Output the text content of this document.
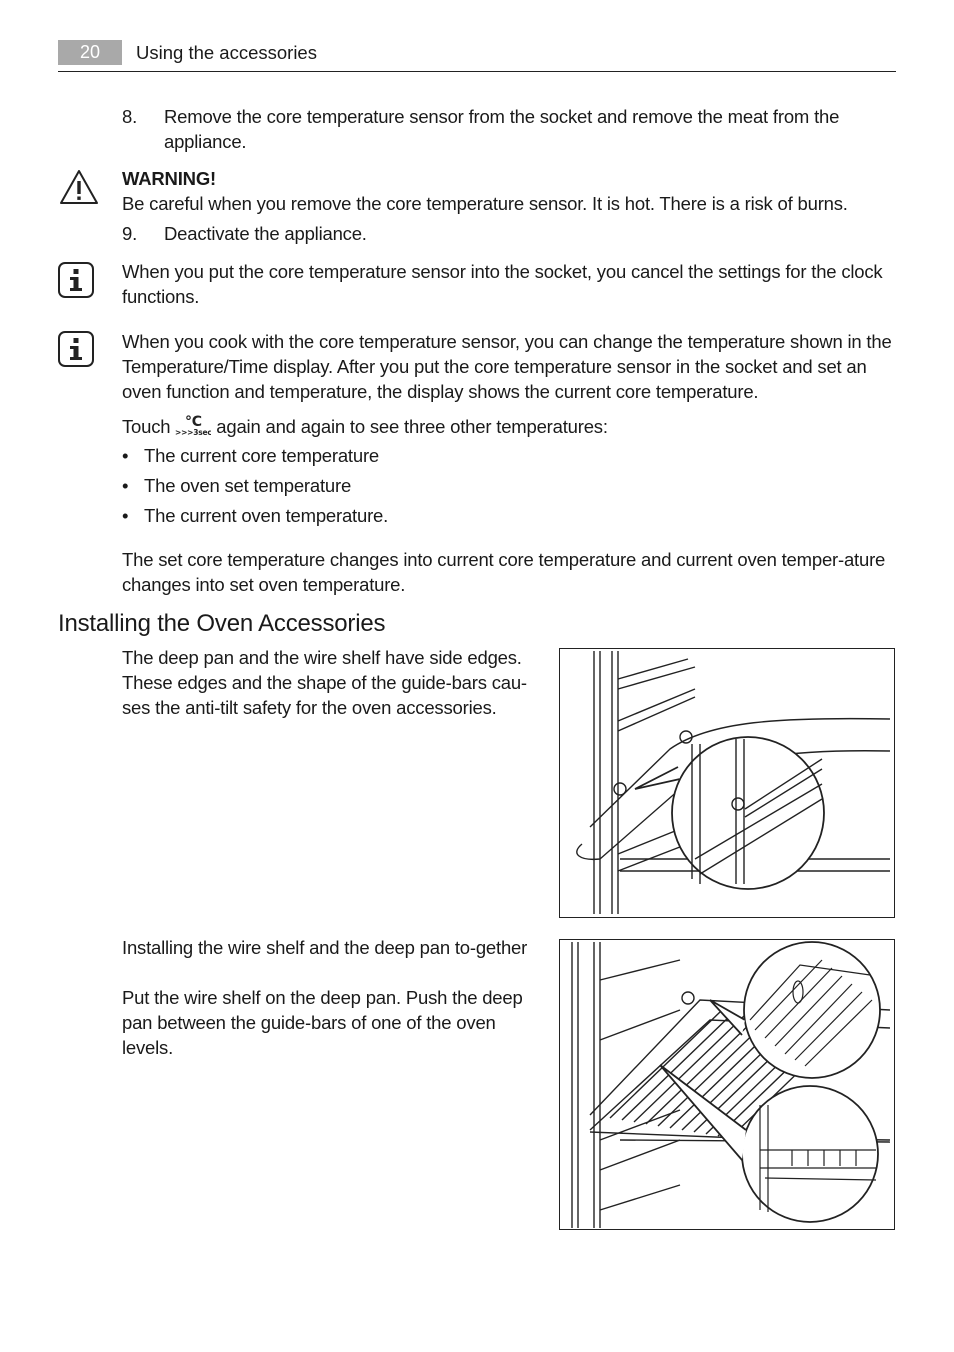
20	Using the accessories
8. Remove the core temperature sensor from the socket and remove the meat from the appliance.
WARNING!
Be careful when you remove the core temperature sensor. It is hot. There is a risk of burns.
9. Deactivate the appliance.
When you put the core temperature sensor into the socket, you cancel the settings for the clock functions.
When you cook with the core temperature sensor, you can change the temperature shown in the Temperature/Time display. After you put the core temperature sensor in the socket and set an oven function and temperature, the display shows the current core temperature.
Touch °C
>>>3sec again and again to see three other temperatures:
• The current core temperature
• The oven set temperature
• The current oven temperature.
The set core temperature changes into current core temperature and current oven temper-ature changes into set oven temperature.
Installing the Oven Accessories
The deep pan and the wire shelf have side edges. These edges and the shape of the guide-bars cau-ses the anti-tilt safety for the oven accessories.
Installing the wire shelf and the deep pan to-gether
Put the wire shelf on the deep pan. Push the deep pan between the guide-bars of one of the oven levels.
